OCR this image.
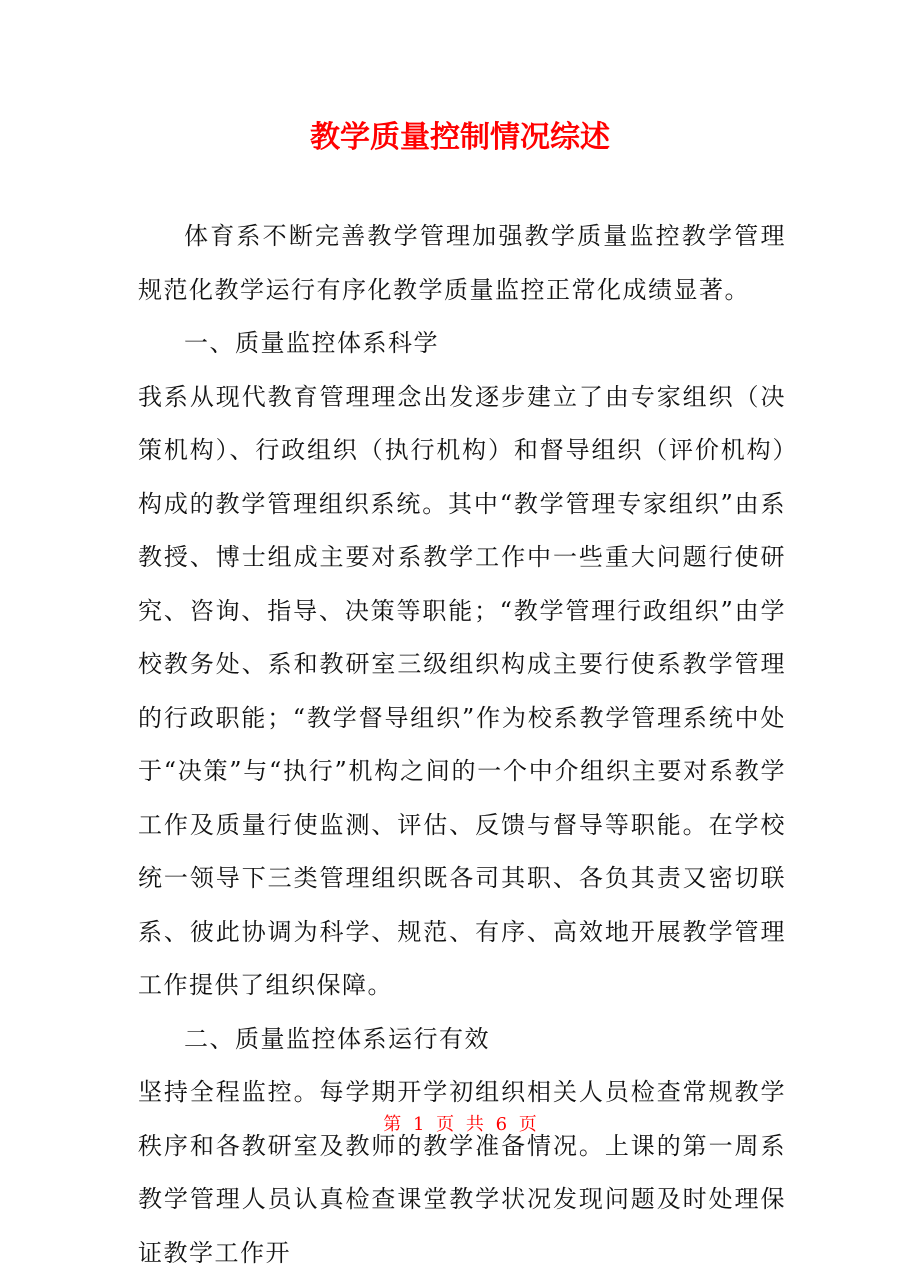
教学质量控制情况综述

体育系不断完善教学管理加强教学质量监控教学管理规范化教学运行有序化教学质量监控正常化成绩显著。

一、质量监控体系科学

我系从现代教育管理理念出发逐步建立了由专家组织（决策机构）、行政组织（执行机构）和督导组织（评价机构）构成的教学管理组织系统。其中“教学管理专家组织”由系教授、博士组成主要对系教学工作中一些重大问题行使研究、咨询、指导、决策等职能；“教学管理行政组织”由学校教务处、系和教研室三级组织构成主要行使系教学管理的行政职能；“教学督导组织”作为校系教学管理系统中处于“决策”与“执行”机构之间的一个中介组织主要对系教学工作及质量行使监测、评估、反馈与督导等职能。在学校统一领导下三类管理组织既各司其职、各负其责又密切联系、彼此协调为科学、规范、有序、高效地开展教学管理工作提供了组织保障。

二、质量监控体系运行有效

坚持全程监控。每学期开学初组织相关人员检查常规教学秩序和各教研室及教师的教学准备情况。上课的第一周系教学管理人员认真检查课堂教学状况发现问题及时处理保证教学工作开

第 1 页 共 6 页
